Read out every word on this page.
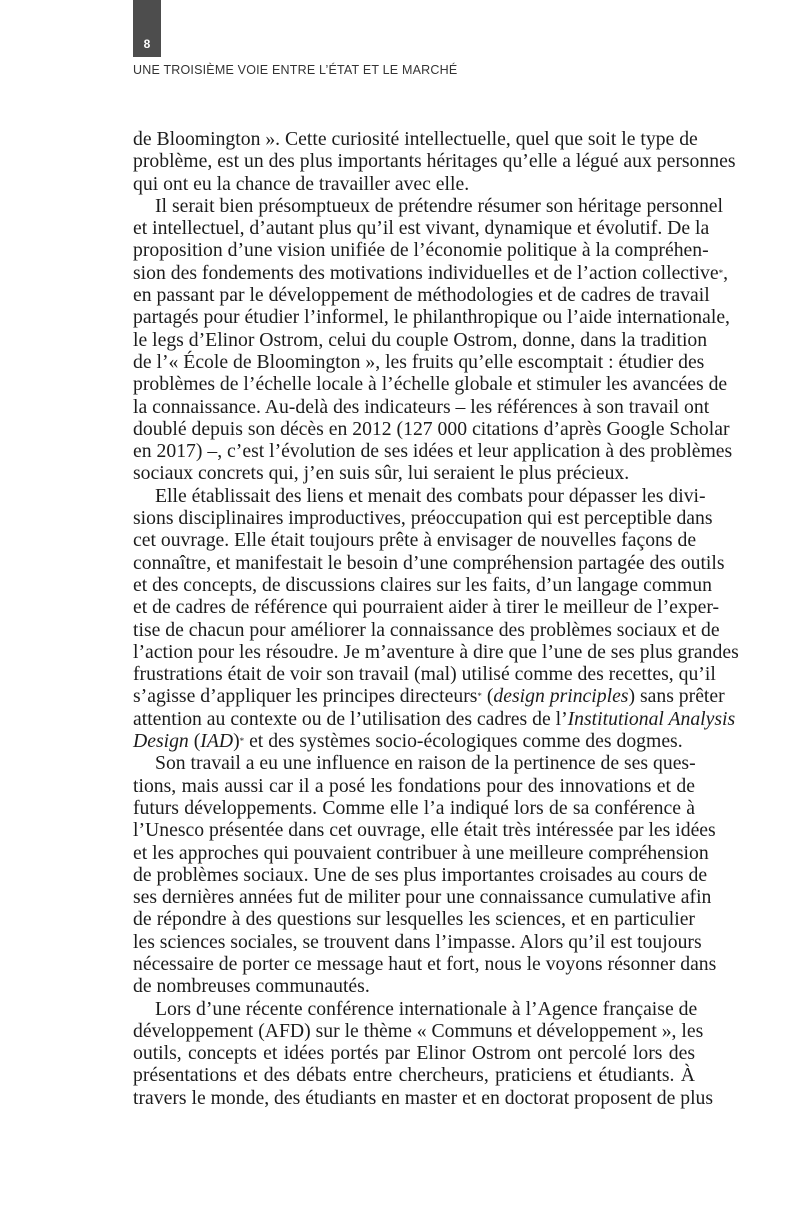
8
UNE TROISIÈME VOIE ENTRE L’ÉTAT ET LE MARCHÉ

de Bloomington ». Cette curiosité intellectuelle, quel que soit le type de
problème, est un des plus importants héritages qu’elle a légué aux personnes
qui ont eu la chance de travailler avec elle.

Il serait bien présomptueux de prétendre résumer son héritage personnel
et intellectuel, d’autant plus qu’il est vivant, dynamique et évolutif. De la
proposition d’une vision unifiée de l’économie politique à la compréhen-
sion des fondements des motivations individuelles et de l’action collective*,
en passant par le développement de méthodologies et de cadres de travail
partagés pour étudier l’informel, le philanthropique ou l’aide internationale,
le legs d’Elinor Ostrom, celui du couple Ostrom, donne, dans la tradition
de l’« École de Bloomington », les fruits qu’elle escomptait : étudier des
problèmes de l’échelle locale à l’échelle globale et stimuler les avancées de
la connaissance. Au-delà des indicateurs – les références à son travail ont
doublé depuis son décès en 2012 (127 000 citations d’après Google Scholar
en 2017) –, c’est l’évolution de ses idées et leur application à des problèmes
sociaux concrets qui, j’en suis sûr, lui seraient le plus précieux.

Elle établissait des liens et menait des combats pour dépasser les divi-
sions disciplinaires improductives, préoccupation qui est perceptible dans
cet ouvrage. Elle était toujours prête à envisager de nouvelles façons de
connaître, et manifestait le besoin d’une compréhension partagée des outils
et des concepts, de discussions claires sur les faits, d’un langage commun
et de cadres de référence qui pourraient aider à tirer le meilleur de l’exper-
tise de chacun pour améliorer la connaissance des problèmes sociaux et de
l’action pour les résoudre. Je m’aventure à dire que l’une de ses plus grandes
frustrations était de voir son travail (mal) utilisé comme des recettes, qu’il
s’agisse d’appliquer les principes directeurs* (design principles) sans prêter
attention au contexte ou de l’utilisation des cadres de l’Institutional Analysis
Design (IAD)* et des systèmes socio-écologiques comme des dogmes.

Son travail a eu une influence en raison de la pertinence de ses ques-
tions, mais aussi car il a posé les fondations pour des innovations et de
futurs développements. Comme elle l’a indiqué lors de sa conférence à
l’Unesco présentée dans cet ouvrage, elle était très intéressée par les idées
et les approches qui pouvaient contribuer à une meilleure compréhension
de problèmes sociaux. Une de ses plus importantes croisades au cours de
ses dernières années fut de militer pour une connaissance cumulative afin
de répondre à des questions sur lesquelles les sciences, et en particulier
les sciences sociales, se trouvent dans l’impasse. Alors qu’il est toujours
nécessaire de porter ce message haut et fort, nous le voyons résonner dans
de nombreuses communautés.

Lors d’une récente conférence internationale à l’Agence française de
développement (AFD) sur le thème « Communs et développement », les
outils, concepts et idées portés par Elinor Ostrom ont percolé lors des
présentations et des débats entre chercheurs, praticiens et étudiants. À
travers le monde, des étudiants en master et en doctorat proposent de plus
